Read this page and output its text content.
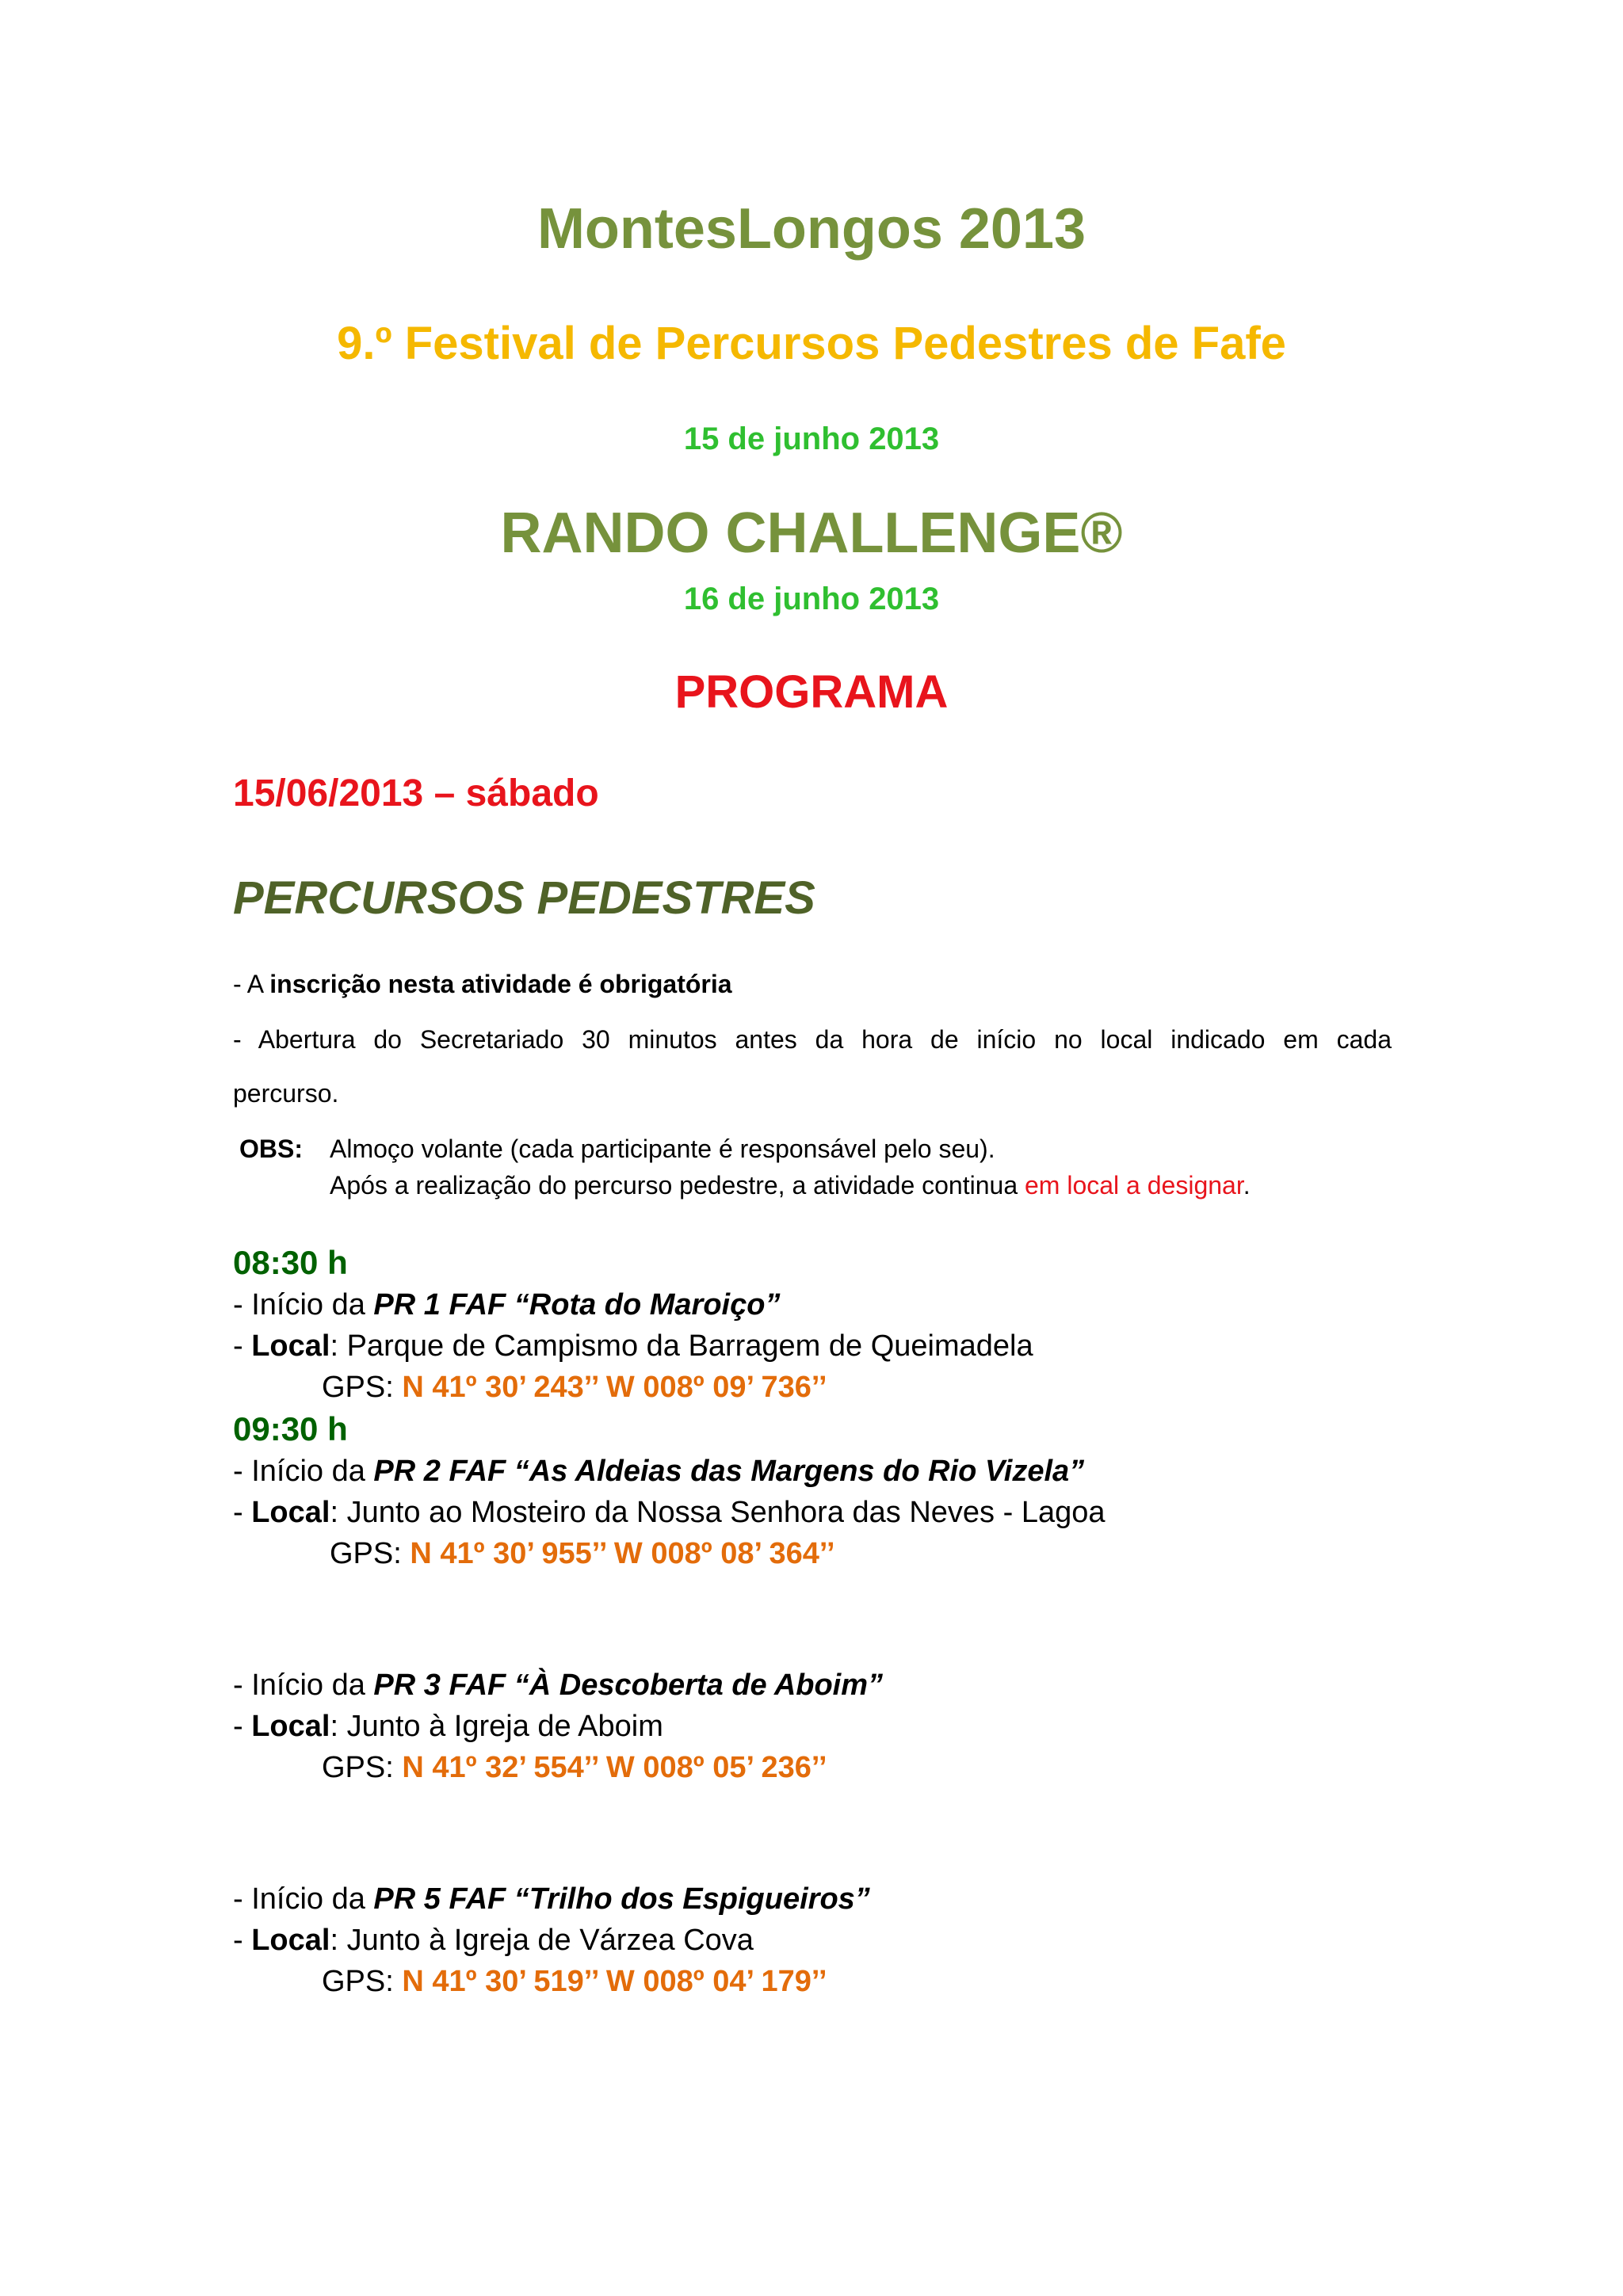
MontesLongos 2013
9.º Festival de Percursos Pedestres de Fafe
15 de junho 2013
RANDO CHALLENGE®
16 de junho 2013
PROGRAMA
15/06/2013 – sábado
PERCURSOS PEDESTRES
- A inscrição nesta atividade é obrigatória
- Abertura do Secretariado 30 minutos antes da hora de início no local indicado em cada
percurso.
OBS: Almoço volante (cada participante é responsável pelo seu).
Após a realização do percurso pedestre, a atividade continua em local a designar.
08:30 h
- Início da PR 1 FAF “Rota do Maroiço”
- Local: Parque de Campismo da Barragem de Queimadela
GPS: N 41º 30’ 243’’ W 008º 09’ 736’’
09:30 h
- Início da PR 2 FAF “As Aldeias das Margens do Rio Vizela”
- Local: Junto ao Mosteiro da Nossa Senhora das Neves - Lagoa
GPS: N 41º 30’ 955’’ W 008º 08’ 364’’
- Início da PR 3 FAF “À Descoberta de Aboim”
- Local: Junto à Igreja de Aboim
GPS: N 41º 32’ 554’’ W 008º 05’ 236’’
- Início da PR 5 FAF “Trilho dos Espigueiros”
- Local: Junto à Igreja de Várzea Cova
GPS: N 41º 30’ 519’’ W 008º 04’ 179’’
